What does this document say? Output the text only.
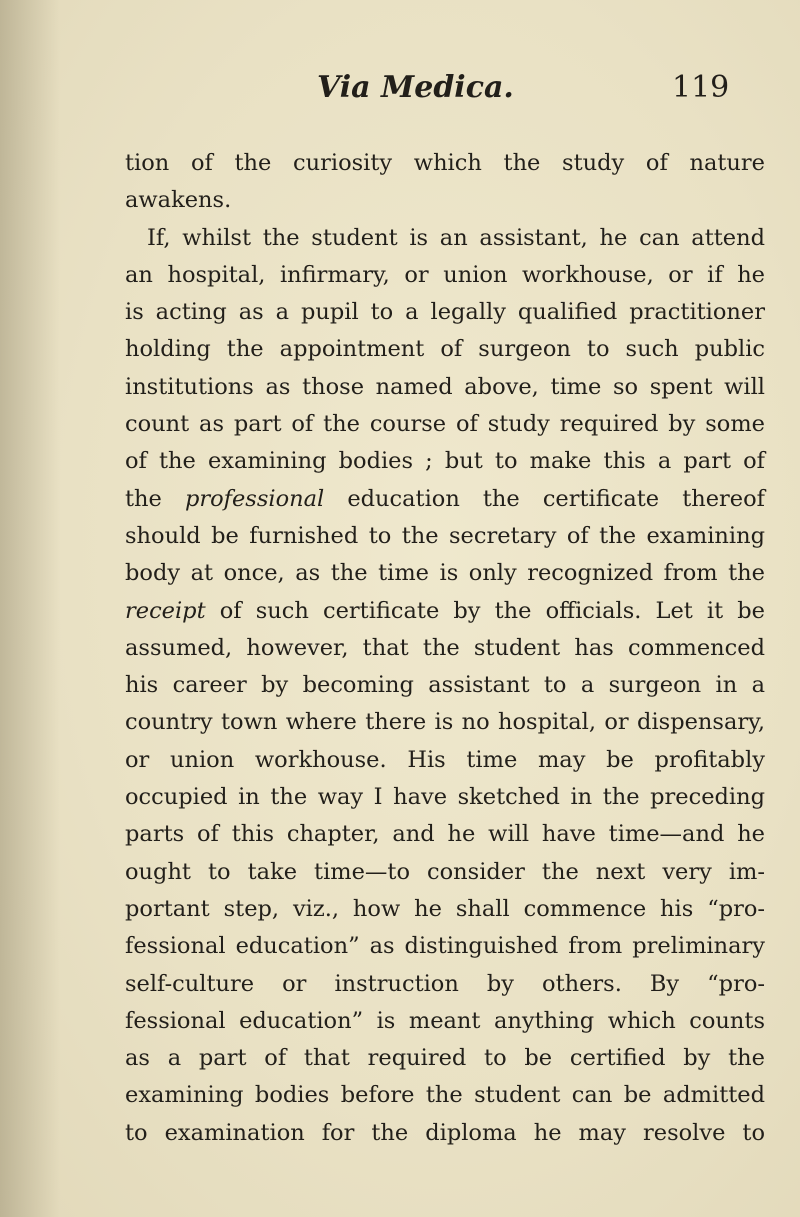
Via Medica.	119
tion of the curiosity which the study of nature
awakens.
If, whilst the student is an assistant, he can attend
an hospital, infirmary, or union workhouse, or if he
is acting as a pupil to a legally qualified practitioner
holding the appointment of surgeon to such public
institutions as those named above, time so spent will
count as part of the course of study required by some
of the examining bodies ; but to make this a part of
the professional education the certificate thereof
should be furnished to the secretary of the examining
body at once, as the time is only recognized from the
receipt of such certificate by the officials. Let it be
assumed, however, that the student has commenced
his career by becoming assistant to a surgeon in a
country town where there is no hospital, or dispensary,
or union workhouse. His time may be profitably
occupied in the way I have sketched in the preceding
parts of this chapter, and he will have time—and he
ought to take time—to consider the next very im-
portant step, viz., how he shall commence his “pro-
fessional education” as distinguished from preliminary
self-culture or instruction by others. By “pro-
fessional education” is meant anything which counts
as a part of that required to be certified by the
examining bodies before the student can be admitted
to examination for the diploma he may resolve to
